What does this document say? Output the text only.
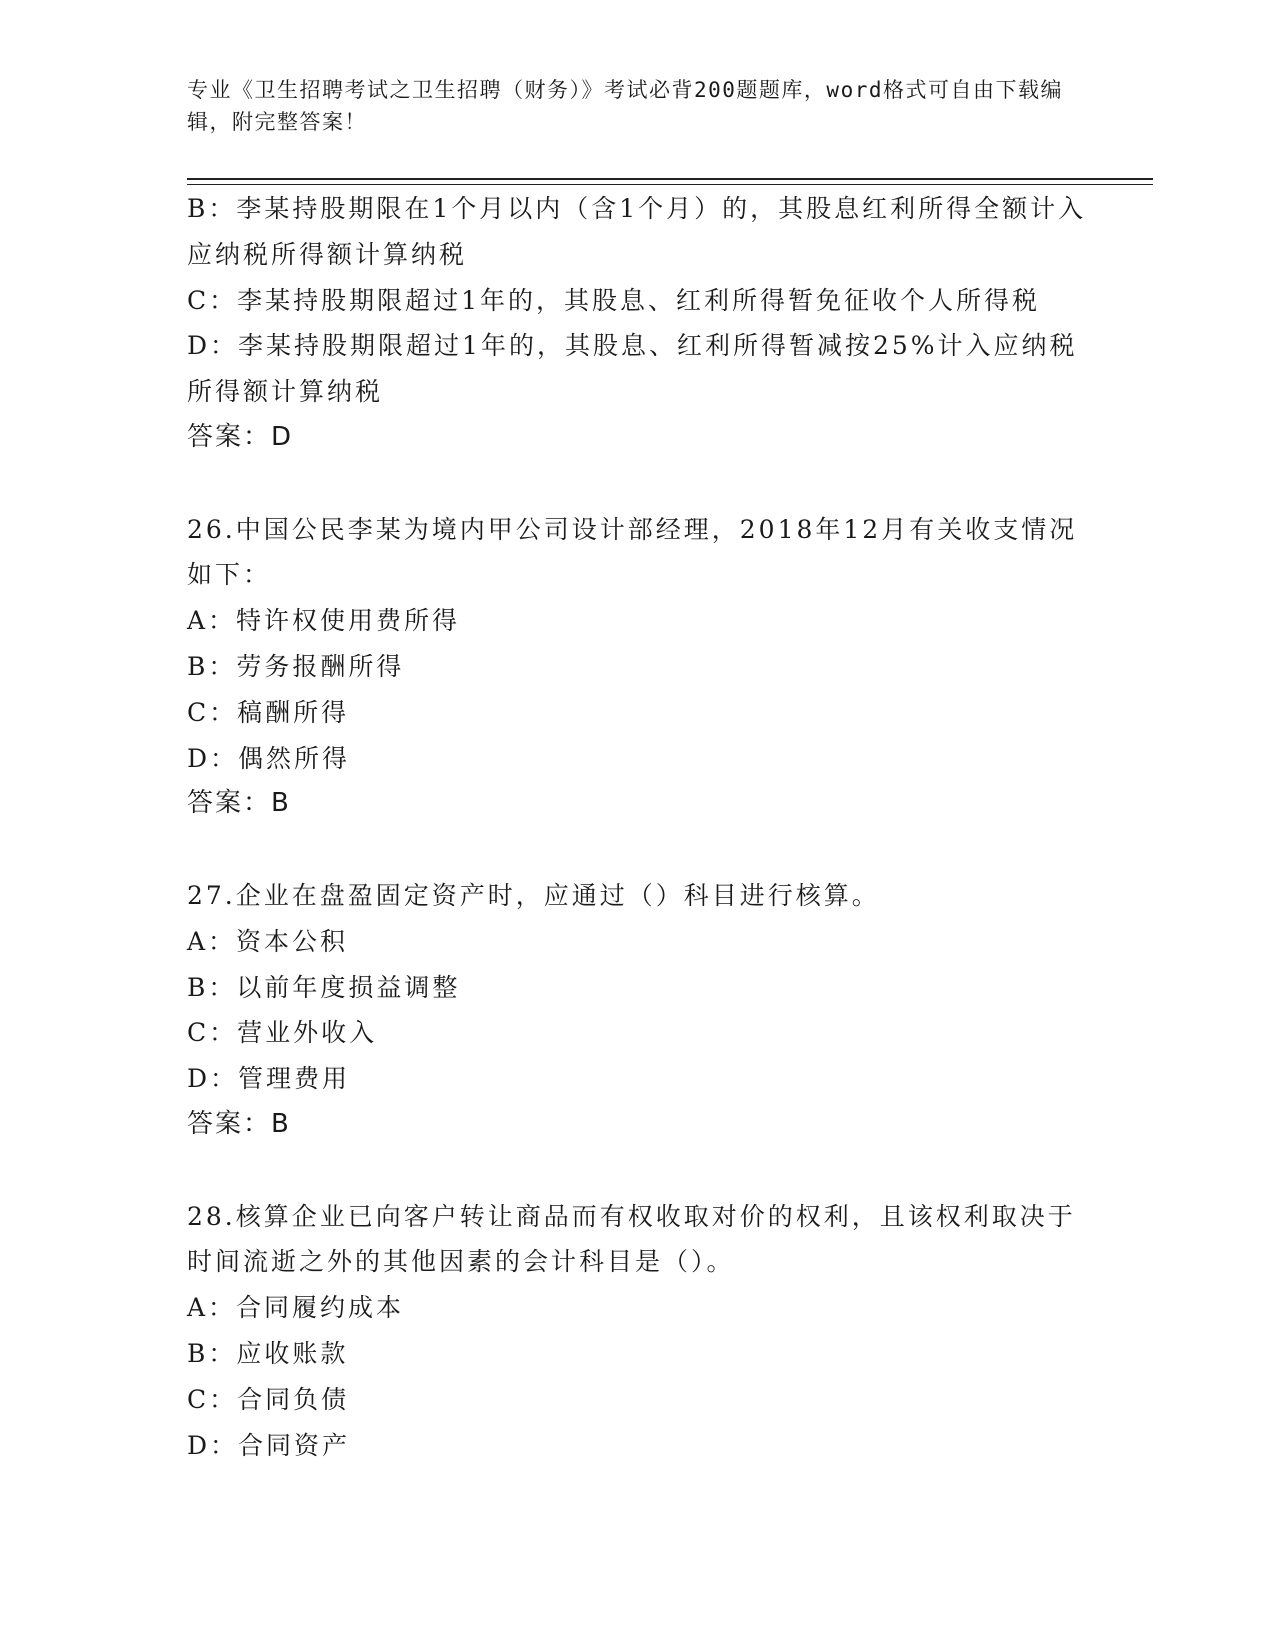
专业《卫生招聘考试之卫生招聘（财务）》考试必背200题题库，word格式可自由下载编辑，附完整答案！
B：李某持股期限在1个月以内（含1个月）的，其股息红利所得全额计入应纳税所得额计算纳税
C：李某持股期限超过1年的，其股息、红利所得暂免征收个人所得税
D：李某持股期限超过1年的，其股息、红利所得暂减按25%计入应纳税所得额计算纳税
答案：D
26.中国公民李某为境内甲公司设计部经理，2018年12月有关收支情况如下：
A：特许权使用费所得
B：劳务报酬所得
C：稿酬所得
D：偶然所得
答案：B
27.企业在盘盈固定资产时，应通过（）科目进行核算。
A：资本公积
B：以前年度损益调整
C：营业外收入
D：管理费用
答案：B
28.核算企业已向客户转让商品而有权收取对价的权利，且该权利取决于时间流逝之外的其他因素的会计科目是（）。
A：合同履约成本
B：应收账款
C：合同负债
D：合同资产
